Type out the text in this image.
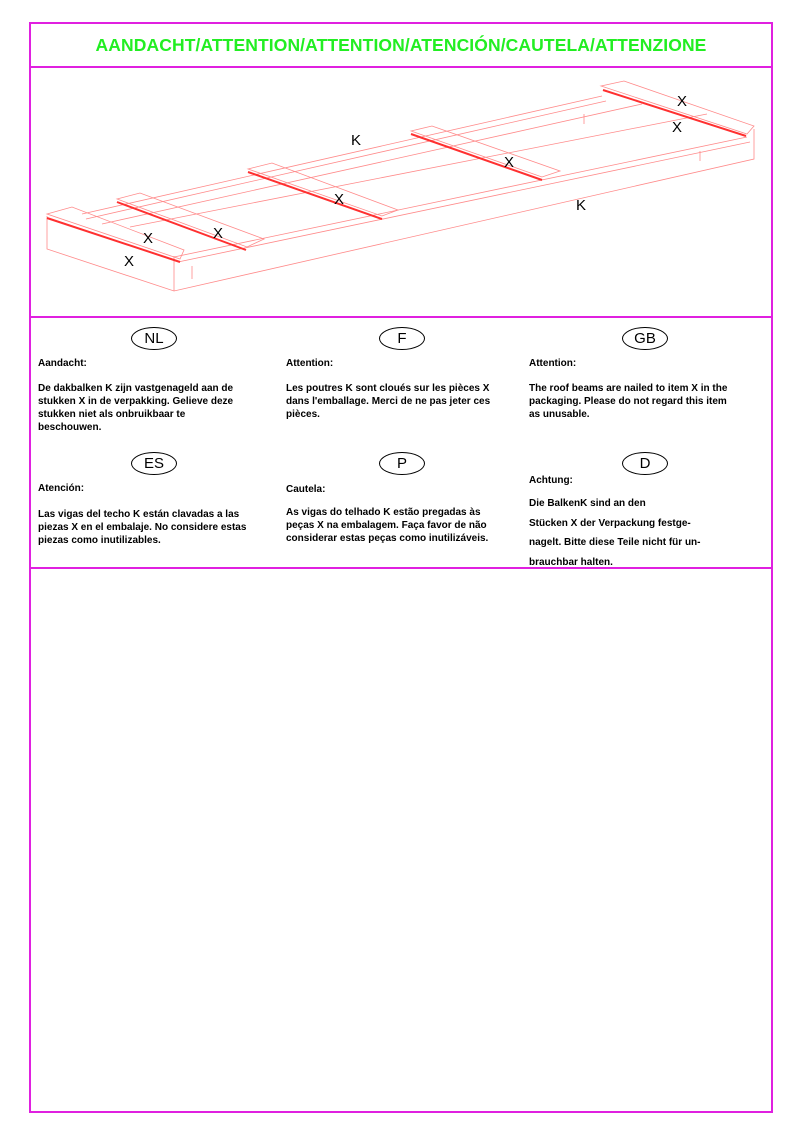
AANDACHT/ATTENTION/ATTENTION/ATENCIÓN/CAUTELA/ATTENZIONE
K
K
X
X
X
X
X
X
X
NL
Aandacht:
De dakbalken K zijn vastgenageld aan de
stukken X in de verpakking. Gelieve deze
stukken niet als onbruikbaar te
beschouwen.
F
Attention:
Les poutres K sont cloués sur les pièces X
dans l'emballage. Merci de ne pas jeter ces
pièces.
GB
Attention:
The roof beams are nailed to item X in the
packaging. Please do not regard this item
as unusable.
ES
Atención:
Las vigas del techo K están clavadas a las
piezas X en el embalaje. No considere estas
piezas como inutilizables.
P
Cautela:
As vigas do telhado K estão pregadas às
peças X na embalagem. Faça favor de não
considerar estas peças como inutilizáveis.
D
Achtung:
Die BalkenK sind an den
Stücken X der Verpackung festge-
nagelt. Bitte diese Teile nicht für un-
brauchbar halten.
